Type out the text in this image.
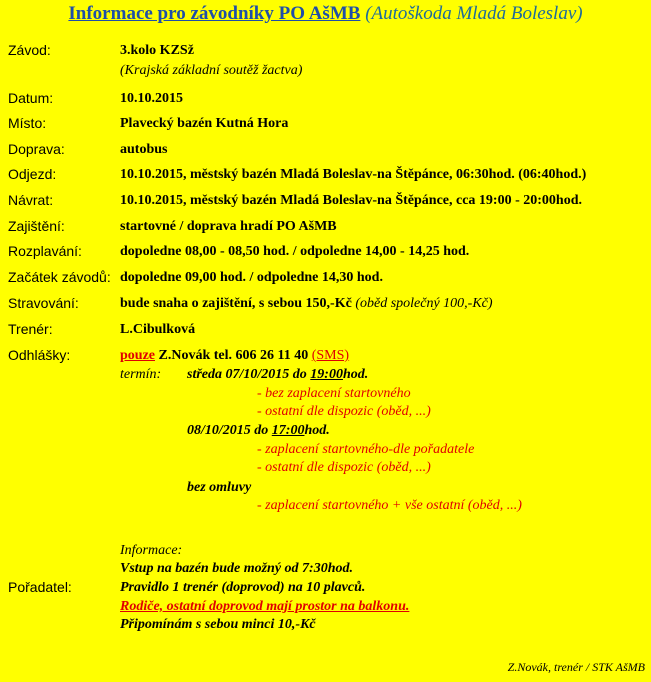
Informace pro závodníky PO AšMB (Autoškoda Mladá Boleslav)
Závod:	3.kolo KZSž
(Krajská základní soutěž žactva)
Datum:	10.10.2015
Místo:	Plavecký bazén Kutná Hora
Doprava:	autobus
Odjezd:	10.10.2015, městský bazén Mladá Boleslav-na Štěpánce, 06:30hod. (06:40hod.)
Návrat:	10.10.2015, městský bazén Mladá Boleslav-na Štěpánce, cca 19:00 - 20:00hod.
Zajištění:	startovné / doprava hradí PO AšMB
Rozplavání:	dopoledne 08,00 - 08,50 hod. / odpoledne 14,00 - 14,25 hod.
Začátek závodů: dopoledne 09,00 hod. / odpoledne 14,30 hod.
Stravování:	bude snaha o zajištění, s sebou 150,-Kč (oběd společný 100,-Kč)
Trenér:	L.Cibulková
Odhlášky:	pouze Z.Novák tel. 606 26 11 40 (SMS)
termín: středa 07/10/2015 do 19:00hod.
- bez zaplacení startovného
- ostatní dle dispozic (oběd, ...)
08/10/2015 do 17:00hod.
- zaplacení startovného-dle pořadatele
- ostatní dle dispozic (oběd, ...)
bez omluvy
- zaplacení startovného + vše ostatní (oběd, ...)
Informace:
Vstup na bazén bude možný od 7:30hod.
Pořadatel:	Pravidlo 1 trenér (doprovod) na 10 plavců.
Rodiče, ostatní doprovod mají prostor na balkonu.
Připomínám s sebou minci 10,-Kč
Z.Novák, trenér / STK AšMB
